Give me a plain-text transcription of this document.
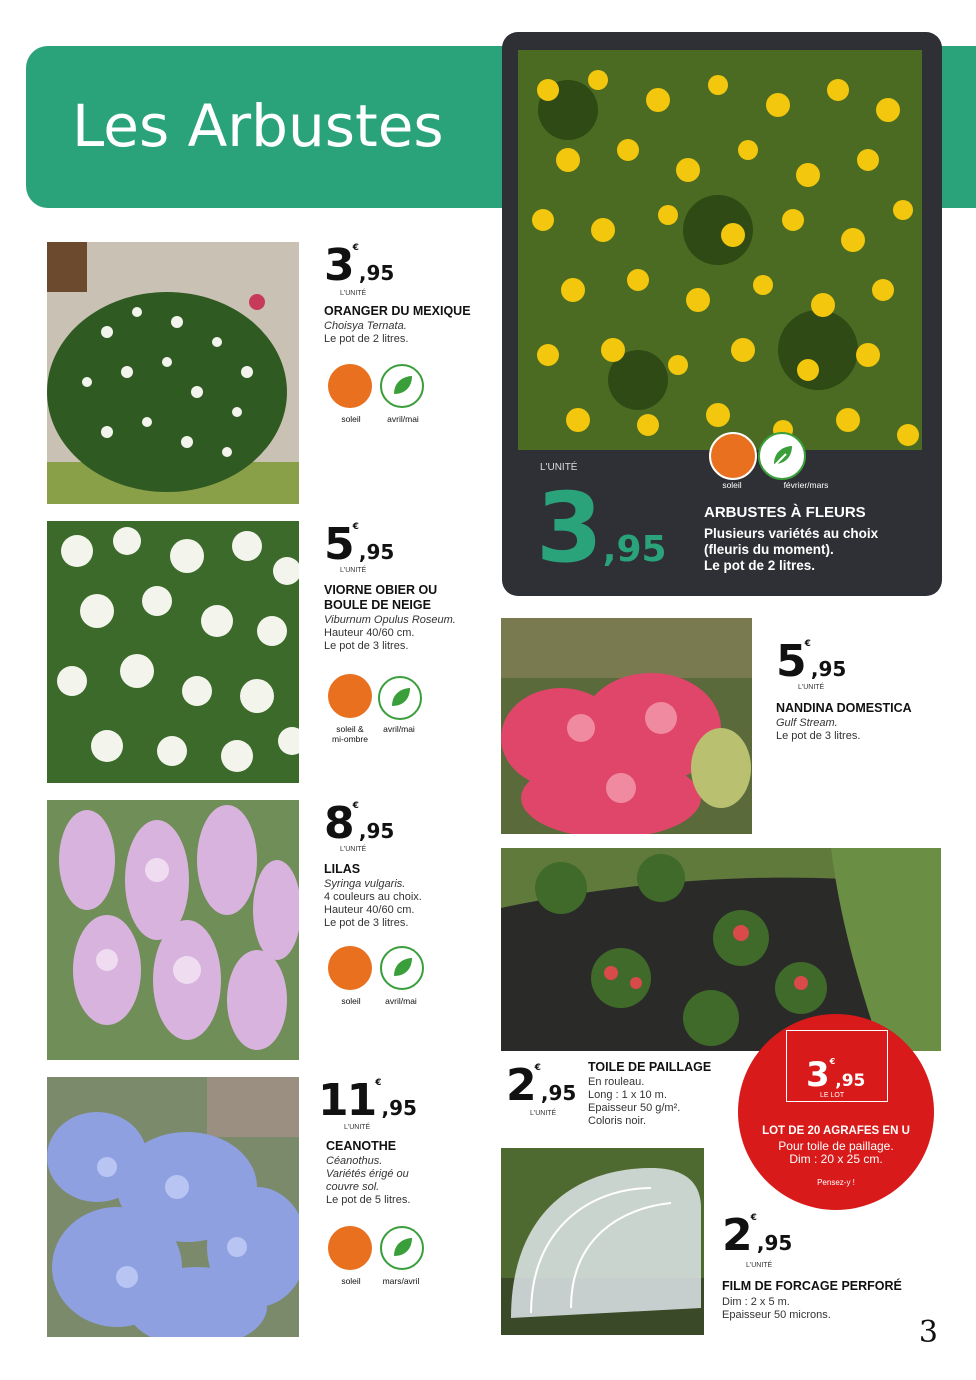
Les Arbustes
soleil	février/mars
L'UNITÉ
3,95
ARBUSTES À FLEURS
Plusieurs variétés au choix
(fleuris du moment).
Le pot de 2 litres.
3€,95
L'UNITÉ
ORANGER DU MEXIQUE
Choisya Ternata.
Le pot de 2 litres.
soleil	avril/mai
5€,95
L'UNITÉ
VIORNE OBIER OU
BOULE DE NEIGE
Viburnum Opulus Roseum.
Hauteur 40/60 cm.
Le pot de 3 litres.
soleil &
mi-ombre
avril/mai
8€,95
L'UNITÉ
LILAS
Syringa vulgaris.
4 couleurs au choix.
Hauteur 40/60 cm.
Le pot de 3 litres.
soleil	avril/mai
11€,95
L'UNITÉ
CEANOTHE
Céanothus.
Variétés érigé ou
couvre sol.
Le pot de 5 litres.
soleil	mars/avril
5€,95
L'UNITÉ
NANDINA DOMESTICA
Gulf Stream.
Le pot de 3 litres.
2€,95
L'UNITÉ
TOILE DE PAILLAGE
En rouleau.
Long : 1 x 10 m.
Epaisseur 50 g/m².
Coloris noir.
3€,95
LE LOT
LOT DE 20 AGRAFES EN U
Pour toile de paillage.
Dim : 20 x 25 cm.
Pensez-y !
2€,95
L'UNITÉ
FILM DE FORCAGE PERFORÉ
Dim : 2 x 5 m.
Epaisseur 50 microns.	3
